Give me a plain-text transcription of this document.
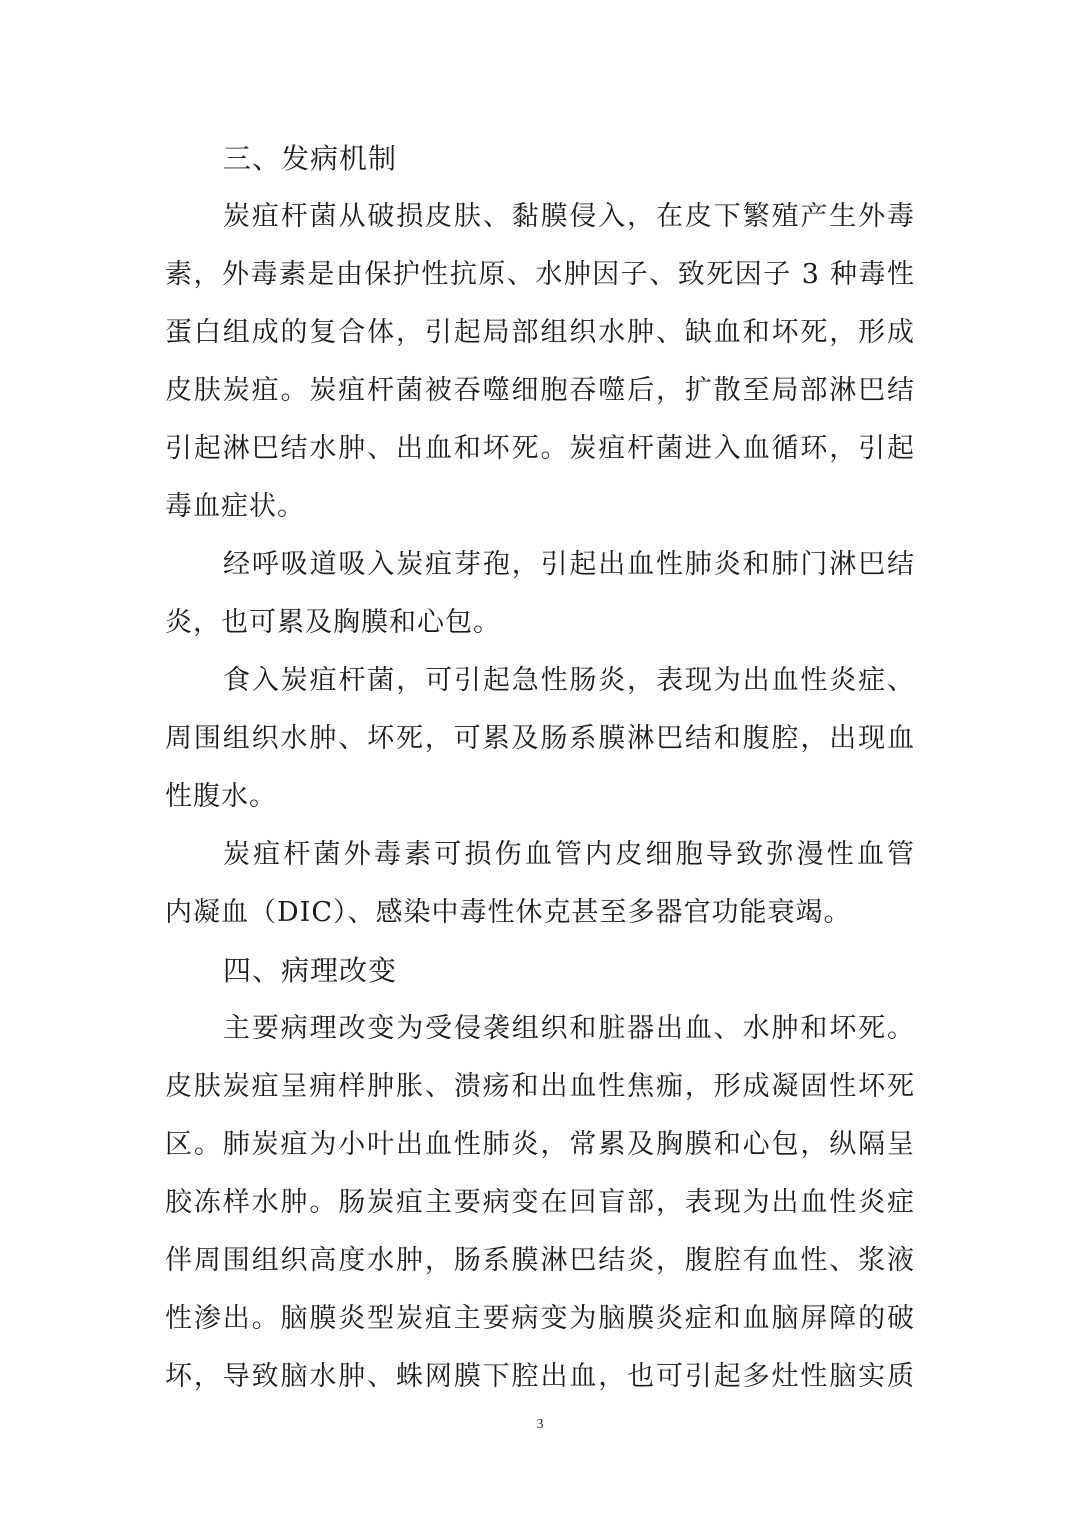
三、发病机制
炭疽杆菌从破损皮肤、黏膜侵入，在皮下繁殖产生外毒
素，外毒素是由保护性抗原、水肿因子、致死因子 3 种毒性
蛋白组成的复合体，引起局部组织水肿、缺血和坏死，形成
皮肤炭疽。炭疽杆菌被吞噬细胞吞噬后，扩散至局部淋巴结
引起淋巴结水肿、出血和坏死。炭疽杆菌进入血循环，引起
毒血症状。
经呼吸道吸入炭疽芽孢，引起出血性肺炎和肺门淋巴结
炎，也可累及胸膜和心包。
食入炭疽杆菌，可引起急性肠炎，表现为出血性炎症、
周围组织水肿、坏死，可累及肠系膜淋巴结和腹腔，出现血
性腹水。
炭疽杆菌外毒素可损伤血管内皮细胞导致弥漫性血管
内凝血（DIC）、感染中毒性休克甚至多器官功能衰竭。
四、病理改变
主要病理改变为受侵袭组织和脏器出血、水肿和坏死。
皮肤炭疽呈痈样肿胀、溃疡和出血性焦痂，形成凝固性坏死
区。肺炭疽为小叶出血性肺炎，常累及胸膜和心包，纵隔呈
胶冻样水肿。肠炭疽主要病变在回盲部，表现为出血性炎症
伴周围组织高度水肿，肠系膜淋巴结炎，腹腔有血性、浆液
性渗出。脑膜炎型炭疽主要病变为脑膜炎症和血脑屏障的破
坏，导致脑水肿、蛛网膜下腔出血，也可引起多灶性脑实质
3
